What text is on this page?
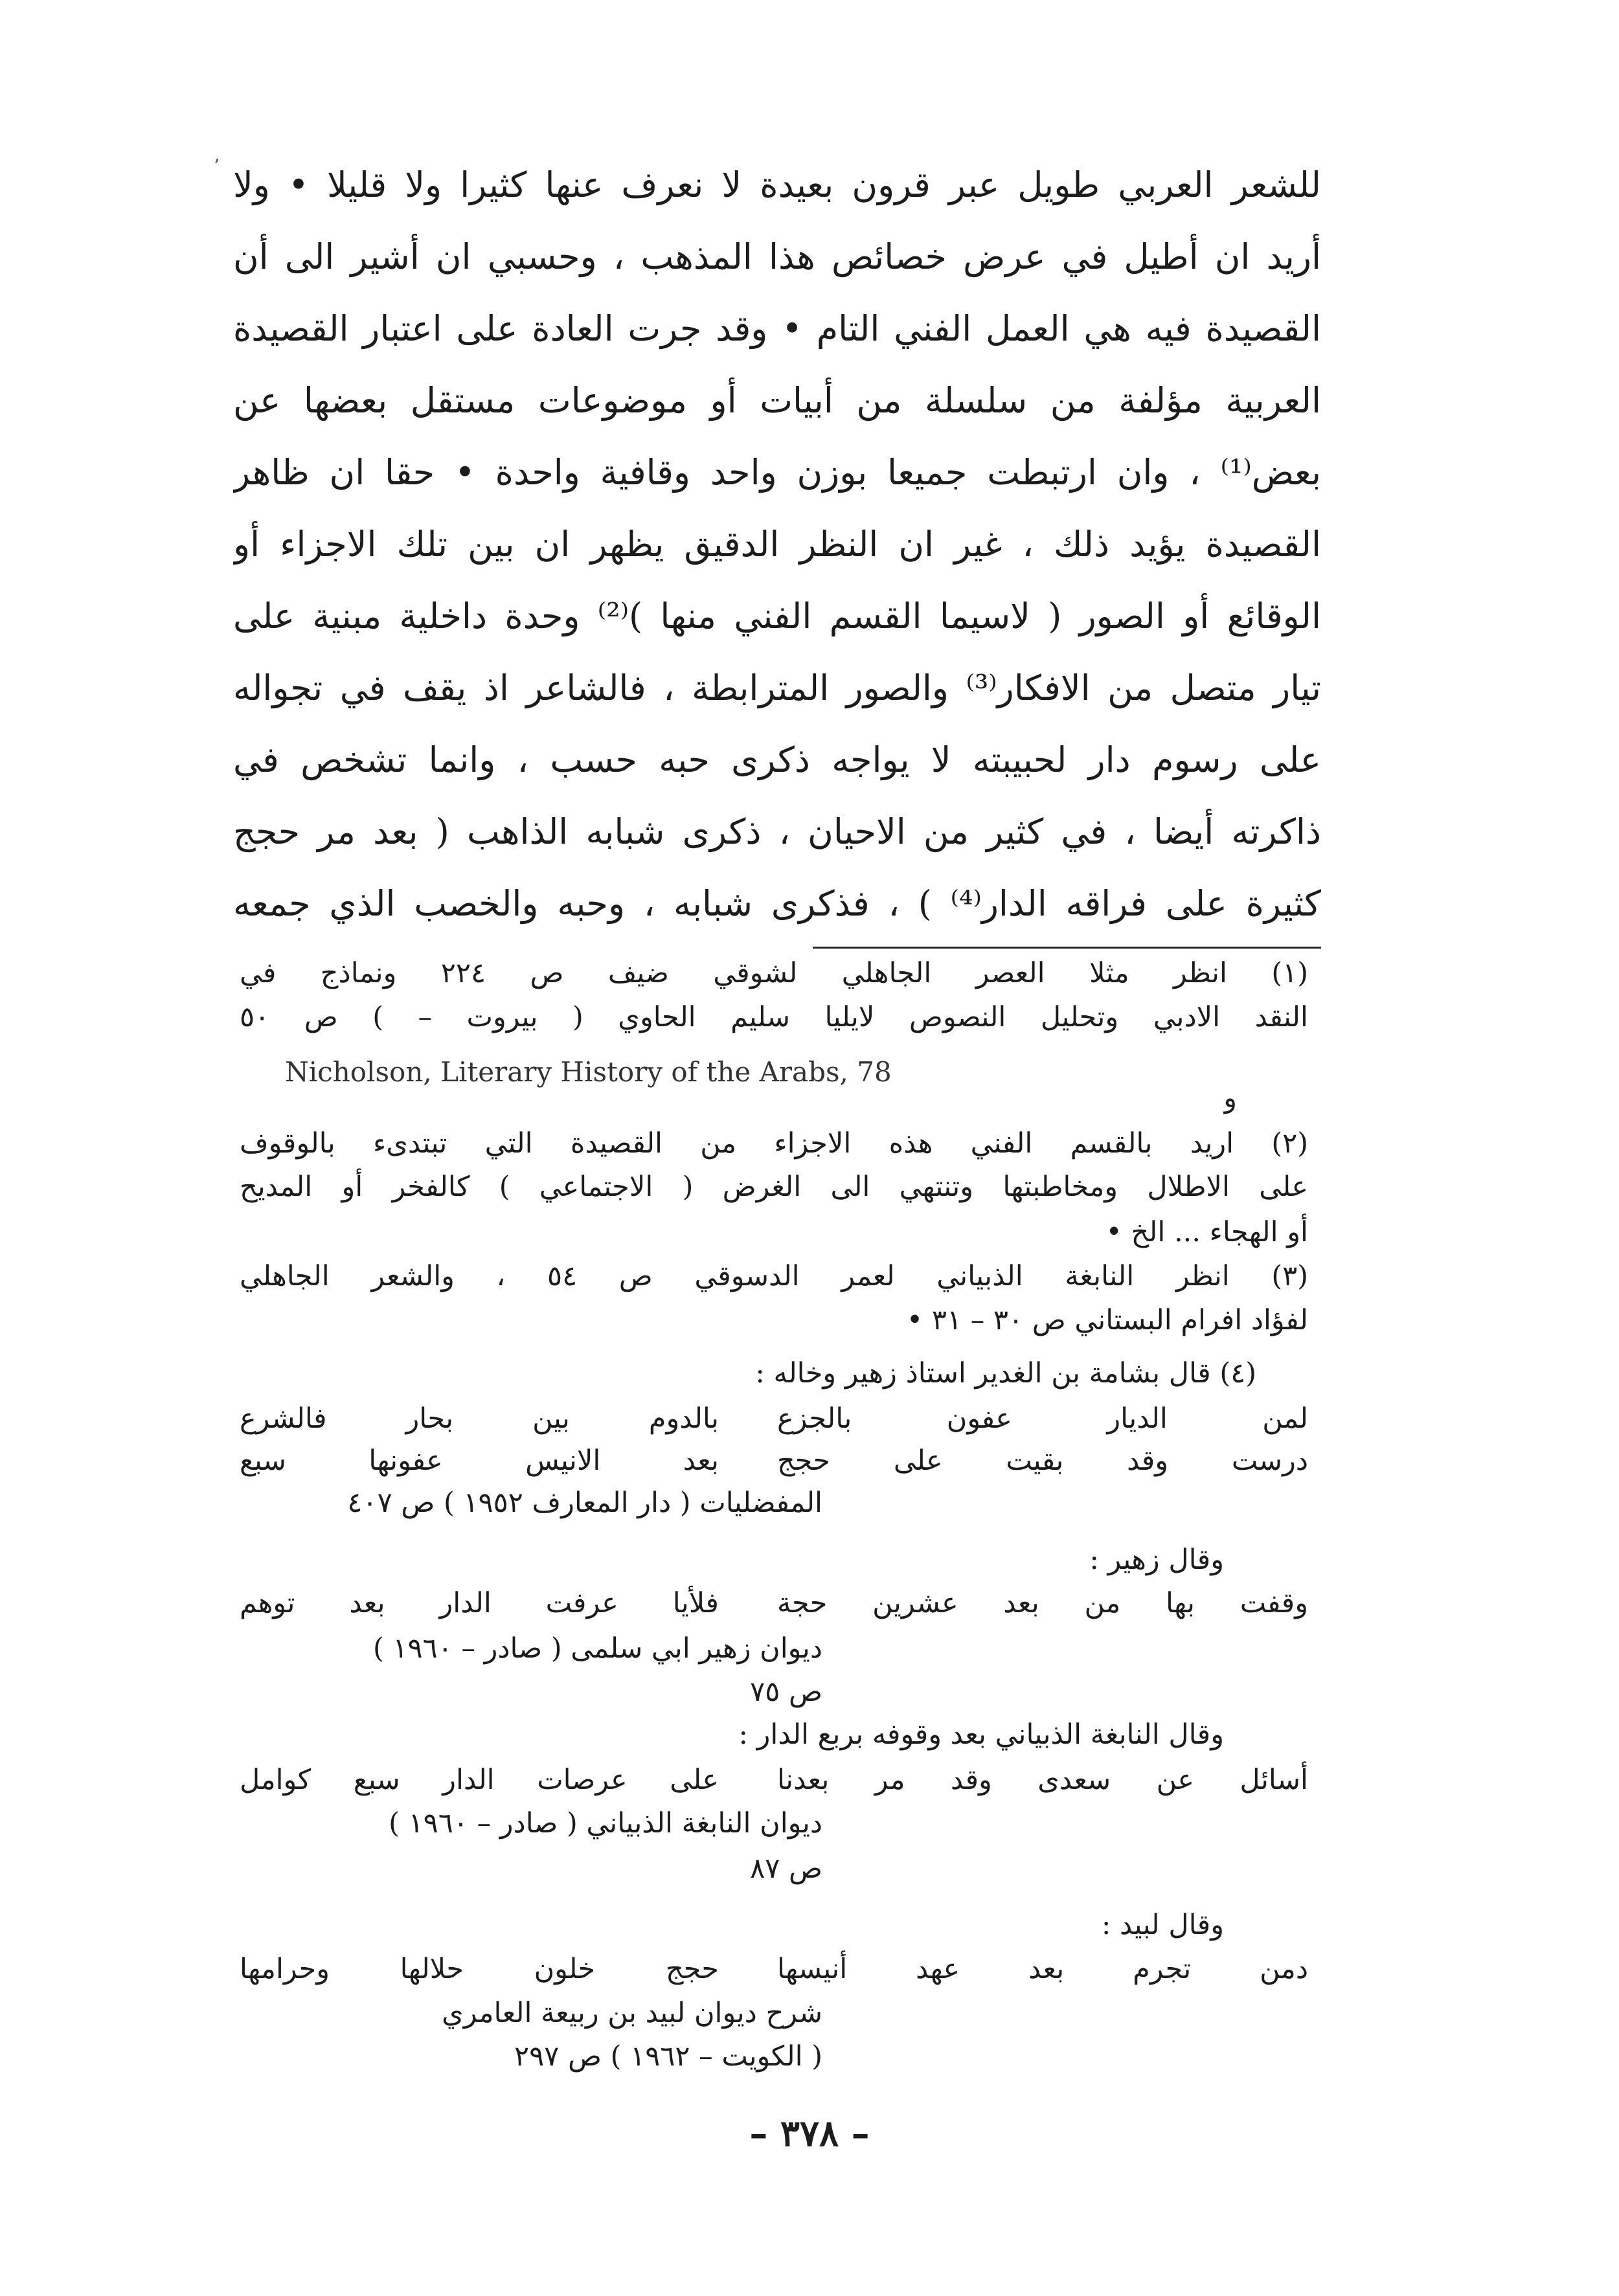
’ للشعر العربي طويل عبر قرون بعيدة لا نعرف عنها كثيرا ولا قليلا • ولا
أريد ان أطيل في عرض خصائص هذا المذهب ، وحسبي ان أشير الى أن
القصيدة فيه هي العمل الفني التام • وقد جرت العادة على اعتبار القصيدة
العربية مؤلفة من سلسلة من أبيات أو موضوعات مستقل بعضها عن
بعض⁽¹⁾ ، وان ارتبطت جميعا بوزن واحد وقافية واحدة • حقا ان ظاهر
القصيدة يؤيد ذلك ، غير ان النظر الدقيق يظهر ان بين تلك الاجزاء أو
الوقائع أو الصور ( لاسيما القسم الفني منها )⁽²⁾ وحدة داخلية مبنية على
تيار متصل من الافكار⁽³⁾ والصور المترابطة ، فالشاعر اذ يقف في تجواله
على رسوم دار لحبيبته لا يواجه ذكرى حبه حسب ، وانما تشخص في
ذاكرته أيضا ، في كثير من الاحيان ، ذكرى شبابه الذاهب ( بعد مر حجج
كثيرة على فراقه الدار⁽⁴⁾ ) ، فذكرى شبابه ، وحبه والخصب الذي جمعه
(١) انظر مثلا العصر الجاهلي لشوقي ضيف ص ٢٢٤ ونماذج في
النقد الادبي وتحليل النصوص لايليا سليم الحاوي ( بيروت – ) ص ٥٠
Nicholson, Literary History of the Arabs, 78
و
(٢) اريد بالقسم الفني هذه الاجزاء من القصيدة التي تبتدىء بالوقوف
على الاطلال ومخاطبتها وتنتهي الى الغرض ( الاجتماعي ) كالفخر أو المديح
أو الهجاء ... الخ •
(٣) انظر النابغة الذبياني لعمر الدسوقي ص ٥٤ ، والشعر الجاهلي
لفؤاد افرام البستاني ص ٣٠ – ٣١ •
(٤) قال بشامة بن الغدير استاذ زهير وخاله :
لمن الديار عفون بالجزع
بالدوم بين بحار فالشرع
درست وقد بقيت على حجج
بعد الانيس عفونها سبع
المفضليات ( دار المعارف ١٩٥٢ ) ص ٤٠٧
وقال زهير :
وقفت بها من بعد عشرين حجة
فلأيا عرفت الدار بعد توهم
ديوان زهير ابي سلمى ( صادر – ١٩٦٠ )
ص ٧٥
وقال النابغة الذبياني بعد وقوفه بربع الدار :
أسائل عن سعدى وقد مر بعدنا
على عرصات الدار سبع كوامل
ديوان النابغة الذبياني ( صادر – ١٩٦٠ )
ص ٨٧
وقال لبيد :
دمن تجرم بعد عهد أنيسها
حجج خلون حلالها وحرامها
شرح ديوان لبيد بن ربيعة العامري
( الكويت – ١٩٦٢ ) ص ٢٩٧
– ٣٧٨ –
